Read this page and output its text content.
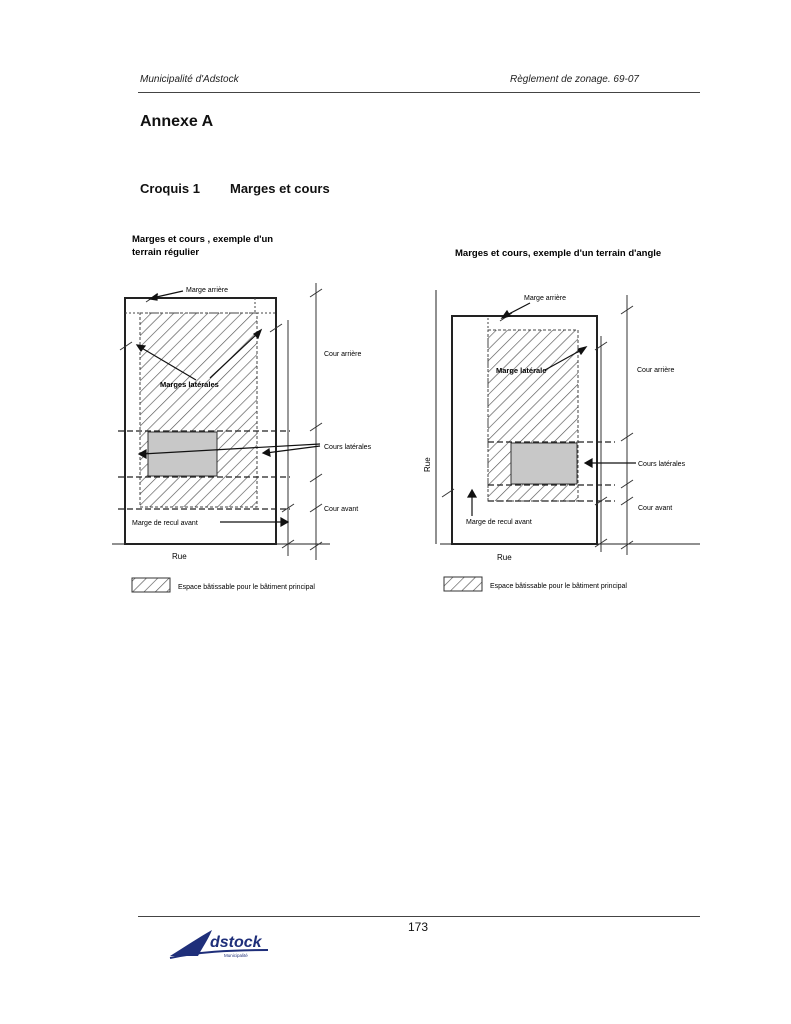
Municipalité d'Adstock	Règlement de zonage. 69-07
Annexe A
Croquis 1 Marges et cours
Marges et cours , exemple d'un
terrain régulier
Marge arrière
Marges latérales
Cour arrière
Cours latérales
Cour avant
Marge de recul avant
Rue
Espace bâtissable pour le bâtiment principal
Marges et cours, exemple d'un terrain d'angle
Marge arrière
Marge latérale	Cour arrière
Cours latérales
Cour avant
Marge de recul avant
Rue
Rue
Espace bâtissable pour le bâtiment principal
173
dstock
Municipalité
